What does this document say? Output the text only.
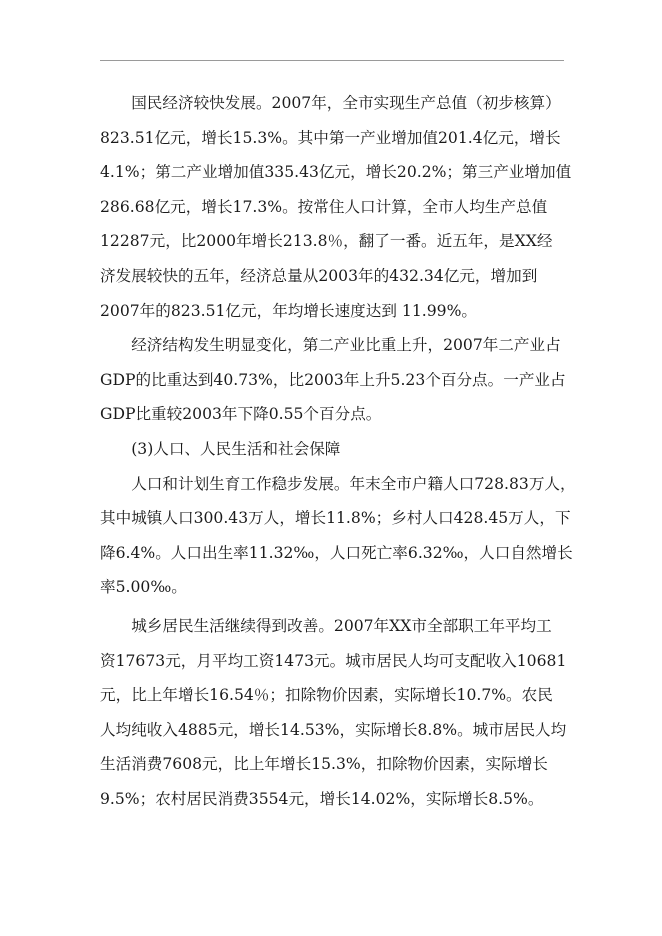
　　国民经济较快发展。2007年，全市实现生产总值（初步核算）
823.51亿元，增长15.3%。其中第一产业增加值201.4亿元，增长
4.1%；第二产业增加值335.43亿元，增长20.2%；第三产业增加值
286.68亿元，增长17.3%。按常住人口计算，全市人均生产总值
12287元，比2000年增长213.8％，翻了一番。近五年，是XX经
济发展较快的五年，经济总量从2003年的432.34亿元，增加到
2007年的823.51亿元，年均增长速度达到 11.99%。
　　经济结构发生明显变化，第二产业比重上升，2007年二产业占
GDP的比重达到40.73%，比2003年上升5.23个百分点。一产业占
GDP比重较2003年下降0.55个百分点。
　　(3)人口、人民生活和社会保障
　　人口和计划生育工作稳步发展。年末全市户籍人口728.83万人，
其中城镇人口300.43万人，增长11.8%；乡村人口428.45万人，下
降6.4%。人口出生率11.32‰，人口死亡率6.32‰，人口自然增长
率5.00‰。
　　城乡居民生活继续得到改善。2007年XX市全部职工年平均工
资17673元，月平均工资1473元。城市居民人均可支配收入10681
元，比上年增长16.54％；扣除物价因素，实际增长10.7%。农民
人均纯收入4885元，增长14.53%，实际增长8.8%。城市居民人均
生活消费7608元，比上年增长15.3%，扣除物价因素，实际增长
9.5%；农村居民消费3554元，增长14.02%，实际增长8.5%。
